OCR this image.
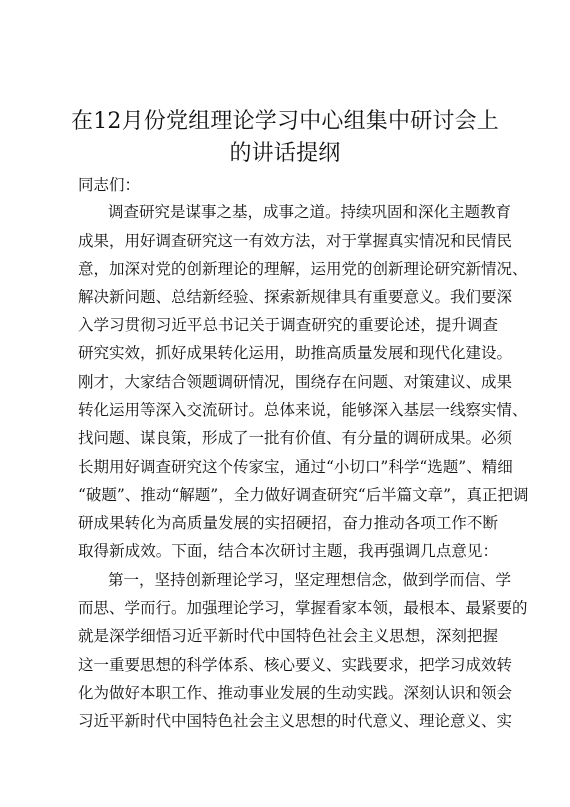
在12月份党组理论学习中心组集中研讨会上
的讲话提纲
同志们：
调查研究是谋事之基，成事之道。持续巩固和深化主题教育
成果，用好调查研究这一有效方法，对于掌握真实情况和民情民
意，加深对党的创新理论的理解，运用党的创新理论研究新情况、
解决新问题、总结新经验、探索新规律具有重要意义。我们要深
入学习贯彻习近平总书记关于调查研究的重要论述，提升调查
研究实效，抓好成果转化运用，助推高质量发展和现代化建设。
刚才，大家结合领题调研情况，围绕存在问题、对策建议、成果
转化运用等深入交流研讨。总体来说，能够深入基层一线察实情、
找问题、谋良策，形成了一批有价值、有分量的调研成果。必须
长期用好调查研究这个传家宝，通过“小切口”科学“选题”、精细
“破题”、推动“解题”，全力做好调查研究“后半篇文章”，真正把调
研成果转化为高质量发展的实招硬招，奋力推动各项工作不断
取得新成效。下面，结合本次研讨主题，我再强调几点意见：
第一，坚持创新理论学习，坚定理想信念，做到学而信、学
而思、学而行。加强理论学习，掌握看家本领，最根本、最紧要的
就是深学细悟习近平新时代中国特色社会主义思想，深刻把握
这一重要思想的科学体系、核心要义、实践要求，把学习成效转
化为做好本职工作、推动事业发展的生动实践。深刻认识和领会
习近平新时代中国特色社会主义思想的时代意义、理论意义、实
